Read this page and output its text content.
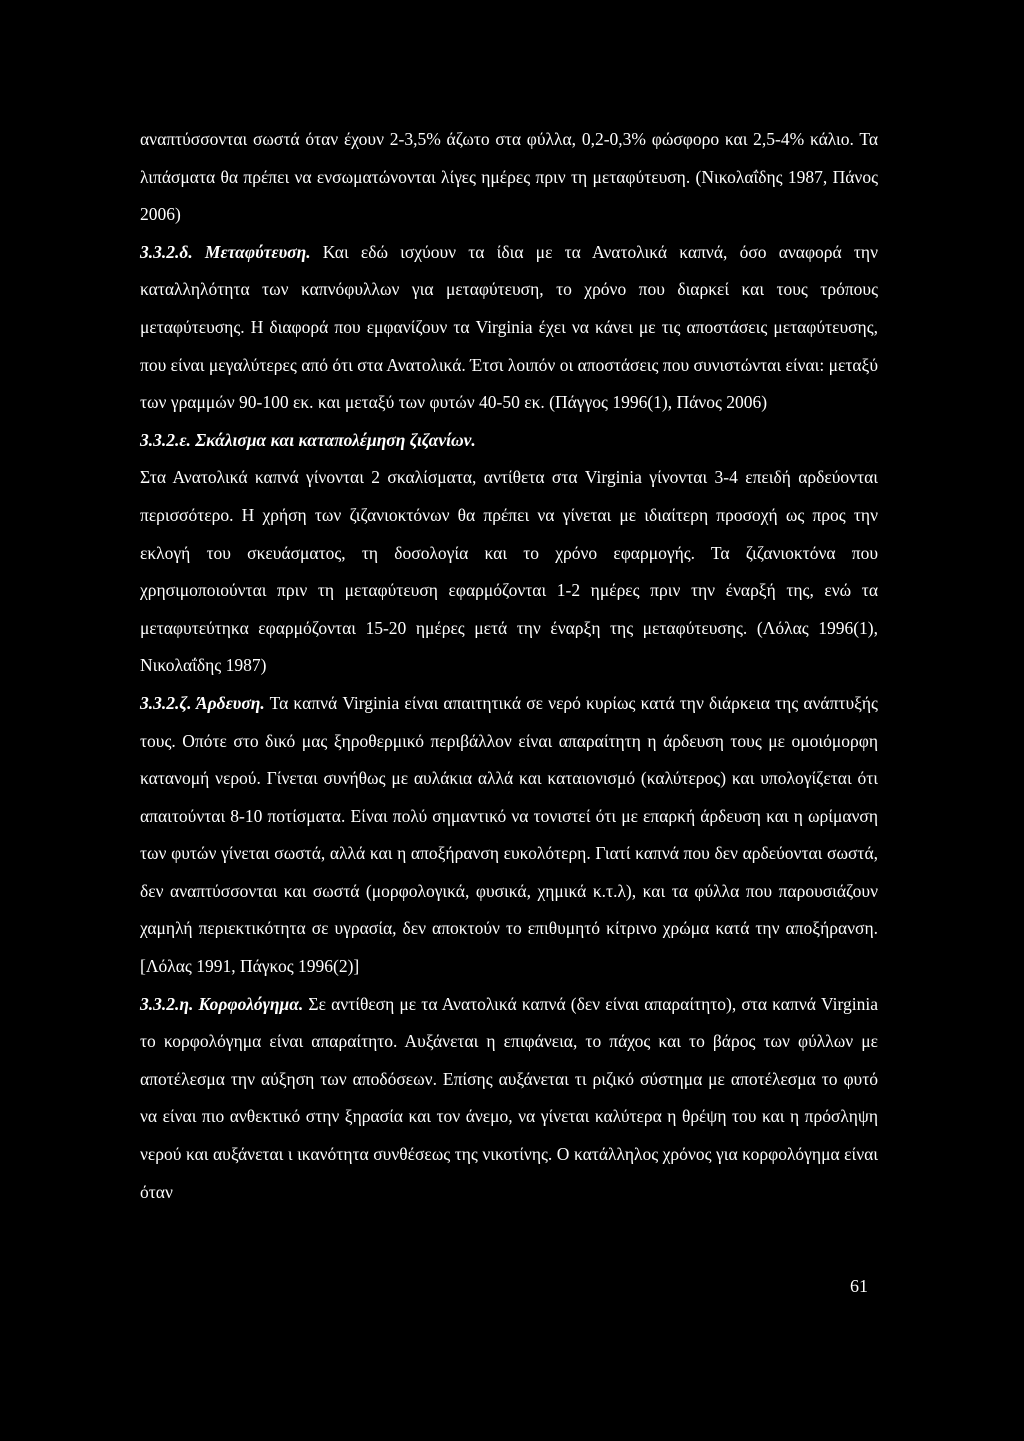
αναπτύσσονται σωστά όταν έχουν 2-3,5% άζωτο στα φύλλα, 0,2-0,3% φώσφορο και 2,5-4% κάλιο. Τα λιπάσματα θα πρέπει να ενσωματώνονται λίγες ημέρες πριν τη μεταφύτευση. (Νικολαΐδης 1987, Πάνος 2006)

3.3.2.δ. Μεταφύτευση. Και εδώ ισχύουν τα ίδια με τα Ανατολικά καπνά, όσο αναφορά την καταλληλότητα των καπνόφυλλων για μεταφύτευση, το χρόνο που διαρκεί και τους τρόπους μεταφύτευσης. Η διαφορά που εμφανίζουν τα Virginia έχει να κάνει με τις αποστάσεις μεταφύτευσης, που είναι μεγαλύτερες από ότι στα Ανατολικά. Έτσι λοιπόν οι αποστάσεις που συνιστώνται είναι: μεταξύ των γραμμών 90-100 εκ. και μεταξύ των φυτών 40-50 εκ. (Πάγγος 1996(1), Πάνος 2006)

3.3.2.ε. Σκάλισμα και καταπολέμηση ζιζανίων.

Στα Ανατολικά καπνά γίνονται 2 σκαλίσματα, αντίθετα στα Virginia γίνονται 3-4 επειδή αρδεύονται περισσότερο. Η χρήση των ζιζανιοκτόνων θα πρέπει να γίνεται με ιδιαίτερη προσοχή ως προς την εκλογή του σκευάσματος, τη δοσολογία και το χρόνο εφαρμογής. Τα ζιζανιοκτόνα που χρησιμοποιούνται πριν τη μεταφύτευση εφαρμόζονται 1-2 ημέρες πριν την έναρξή της, ενώ τα μεταφυτεύτηκα εφαρμόζονται 15-20 ημέρες μετά την έναρξη της μεταφύτευσης. (Λόλας 1996(1), Νικολαΐδης 1987)

3.3.2.ζ. Άρδευση. Τα καπνά Virginia είναι απαιτητικά σε νερό κυρίως κατά την διάρκεια της ανάπτυξής τους. Οπότε στο δικό μας ξηροθερμικό περιβάλλον είναι απαραίτητη η άρδευση τους με ομοιόμορφη κατανομή νερού. Γίνεται συνήθως με αυλάκια αλλά και καταιονισμό (καλύτερος) και υπολογίζεται ότι απαιτούνται 8-10 ποτίσματα. Είναι πολύ σημαντικό να τονιστεί ότι με επαρκή άρδευση και η ωρίμανση των φυτών γίνεται σωστά, αλλά και η αποξήρανση ευκολότερη. Γιατί καπνά που δεν αρδεύονται σωστά, δεν αναπτύσσονται και σωστά (μορφολογικά, φυσικά, χημικά κ.τ.λ), και τα φύλλα που παρουσιάζουν χαμηλή περιεκτικότητα σε υγρασία, δεν αποκτούν το επιθυμητό κίτρινο χρώμα κατά την αποξήρανση. [Λόλας 1991, Πάγκος 1996(2)]

3.3.2.η. Κορφολόγημα. Σε αντίθεση με τα Ανατολικά καπνά (δεν είναι απαραίτητο), στα καπνά Virginia το κορφολόγημα είναι απαραίτητο. Αυξάνεται η επιφάνεια, το πάχος και το βάρος των φύλλων με αποτέλεσμα την αύξηση των αποδόσεων. Επίσης αυξάνεται τι ριζικό σύστημα με αποτέλεσμα το φυτό να είναι πιο ανθεκτικό στην ξηρασία και τον άνεμο, να γίνεται καλύτερα η θρέψη του και η πρόσληψη νερού και αυξάνεται ι ικανότητα συνθέσεως της νικοτίνης. Ο κατάλληλος χρόνος για κορφολόγημα είναι όταν

61
